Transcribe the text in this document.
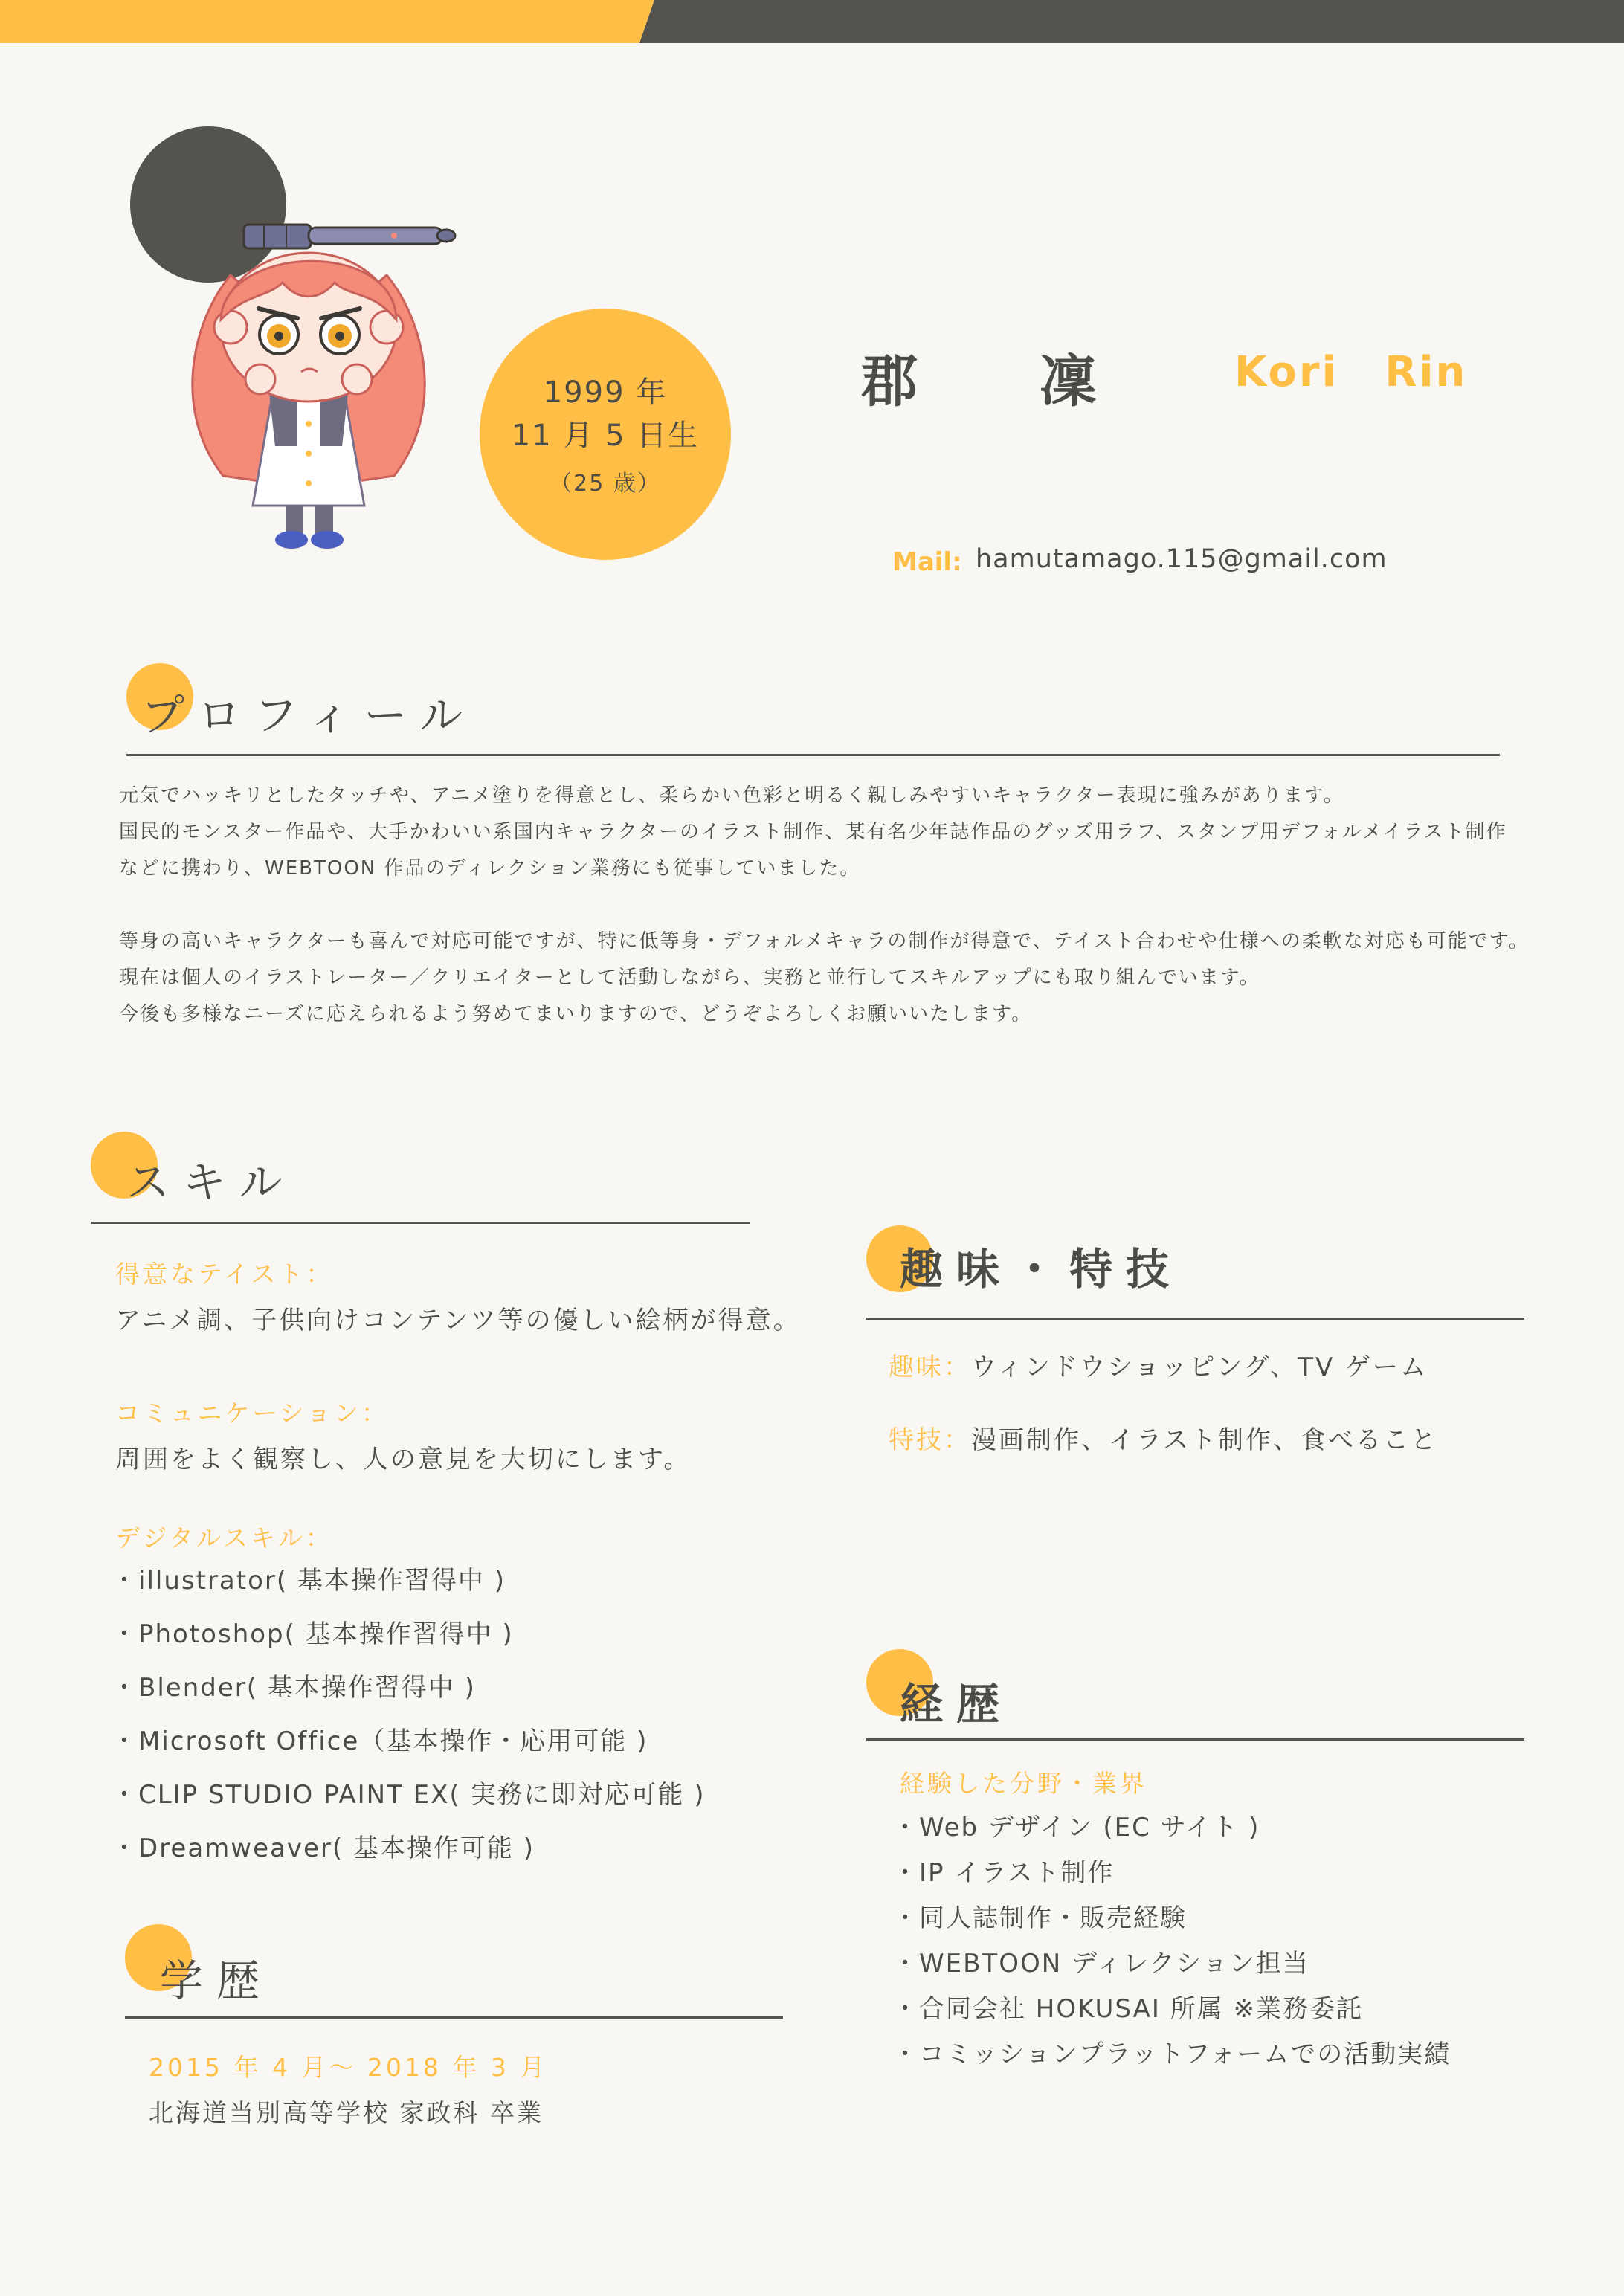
1999 年
11 月 5 日生
（25 歳）
郡 凜	Kori Rin
Mail: hamutamago.115@gmail.com
プロフィール

元気でハッキリとしたタッチや、アニメ塗りを得意とし、柔らかい色彩と明るく親しみやすいキャラクター表現に強みがあります。

国民的モンスター作品や、大手かわいい系国内キャラクターのイラスト制作、某有名少年誌作品のグッズ用ラフ、スタンプ用デフォルメイラスト制作

などに携わり、WEBTOON 作品のディレクション業務にも従事していました。

等身の高いキャラクターも喜んで対応可能ですが、特に低等身・デフォルメキャラの制作が得意で、テイスト合わせや仕様への柔軟な対応も可能です。

現在は個人のイラストレーター／クリエイターとして活動しながら、実務と並行してスキルアップにも取り組んでいます。

今後も多様なニーズに応えられるよう努めてまいりますので、どうぞよろしくお願いいたします。

スキル
得意なテイスト：
アニメ調、子供向けコンテンツ等の優しい絵柄が得意。
コミュニケーション：
周囲をよく観察し、人の意見を大切にします。
デジタルスキル：
・illustrator( 基本操作習得中 )
・Photoshop( 基本操作習得中 )
・Blender( 基本操作習得中 )
・Microsoft Office（基本操作・応用可能 )
・CLIP STUDIO PAINT EX( 実務に即対応可能 )
・Dreamweaver( 基本操作可能 )
学歴
2015 年 4 月～ 2018 年 3 月
北海道当別高等学校 家政科 卒業
趣味・特技
趣味：ウィンドウショッピング、TV ゲーム
特技：漫画制作、イラスト制作、食べること
経歴
経験した分野・業界
・Web デザイン (EC サイト )
・IP イラスト制作
・同人誌制作・販売経験
・WEBTOON ディレクション担当
・合同会社 HOKUSAI 所属 ※業務委託
・コミッションプラットフォームでの活動実績
